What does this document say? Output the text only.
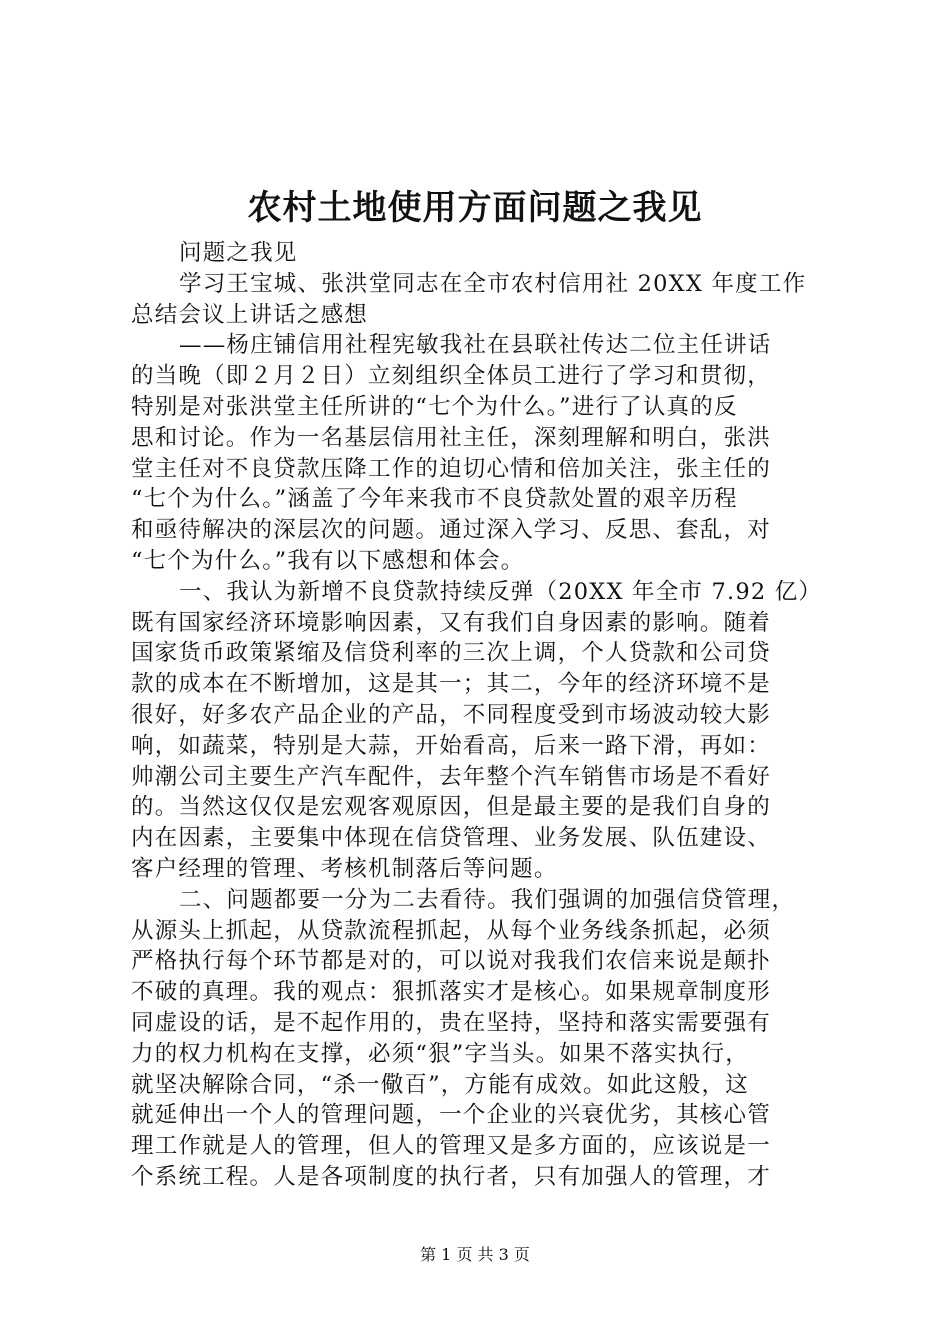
农村土地使用方面问题之我见
问题之我见
学习王宝城、张洪堂同志在全市农村信用社 20XX 年度工作
总结会议上讲话之感想
——杨庄铺信用社程宪敏我社在县联社传达二位主任讲话
的当晚（即２月２日）立刻组织全体员工进行了学习和贯彻，
特别是对张洪堂主任所讲的“七个为什么。”进行了认真的反
思和讨论。作为一名基层信用社主任，深刻理解和明白，张洪
堂主任对不良贷款压降工作的迫切心情和倍加关注，张主任的
“七个为什么。”涵盖了今年来我市不良贷款处置的艰辛历程
和亟待解决的深层次的问题。通过深入学习、反思、套乱，对
“七个为什么。”我有以下感想和体会。
一、我认为新增不良贷款持续反弹（20XX 年全市 7.92 亿）
既有国家经济环境影响因素，又有我们自身因素的影响。随着
国家货币政策紧缩及信贷利率的三次上调，个人贷款和公司贷
款的成本在不断增加，这是其一；其二，今年的经济环境不是
很好，好多农产品企业的产品，不同程度受到市场波动较大影
响，如蔬菜，特别是大蒜，开始看高，后来一路下滑，再如：
帅潮公司主要生产汽车配件，去年整个汽车销售市场是不看好
的。当然这仅仅是宏观客观原因，但是最主要的是我们自身的
内在因素，主要集中体现在信贷管理、业务发展、队伍建设、
客户经理的管理、考核机制落后等问题。
二、问题都要一分为二去看待。我们强调的加强信贷管理，
从源头上抓起，从贷款流程抓起，从每个业务线条抓起，必须
严格执行每个环节都是对的，可以说对我我们农信来说是颠扑
不破的真理。我的观点：狠抓落实才是核心。如果规章制度形
同虚设的话，是不起作用的，贵在坚持，坚持和落实需要强有
力的权力机构在支撑，必须“狠”字当头。如果不落实执行，
就坚决解除合同，“杀一儆百”，方能有成效。如此这般，这
就延伸出一个人的管理问题，一个企业的兴衰优劣，其核心管
理工作就是人的管理，但人的管理又是多方面的，应该说是一
个系统工程。人是各项制度的执行者，只有加强人的管理，才
第 1 页 共 3 页
